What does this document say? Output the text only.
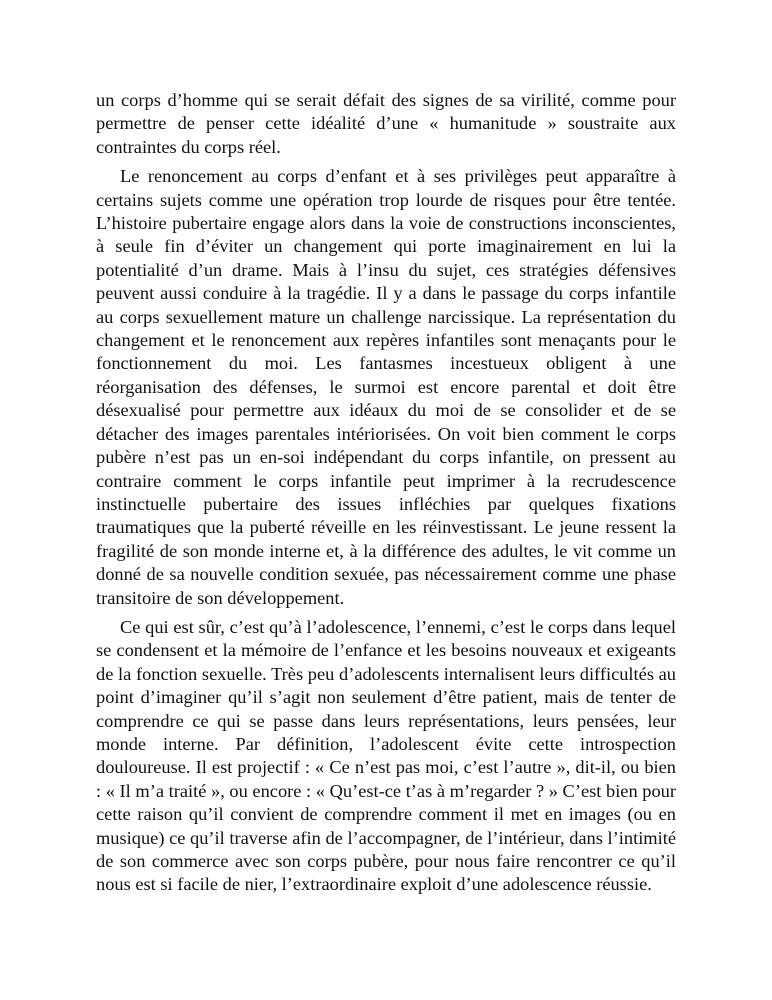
un corps d’homme qui se serait défait des signes de sa virilité, comme pour permettre de penser cette idéalité d’une « humanitude » soustraite aux contraintes du corps réel.

Le renoncement au corps d’enfant et à ses privilèges peut apparaître à certains sujets comme une opération trop lourde de risques pour être tentée. L’histoire pubertaire engage alors dans la voie de constructions inconscientes, à seule fin d’éviter un changement qui porte imaginairement en lui la potentialité d’un drame. Mais à l’insu du sujet, ces stratégies défensives peuvent aussi conduire à la tragédie. Il y a dans le passage du corps infantile au corps sexuellement mature un challenge narcissique. La représentation du changement et le renoncement aux repères infantiles sont menaçants pour le fonctionnement du moi. Les fantasmes incestueux obligent à une réorganisation des défenses, le surmoi est encore parental et doit être désexualisé pour permettre aux idéaux du moi de se consolider et de se détacher des images parentales intériorisées. On voit bien comment le corps pubère n’est pas un en-soi indépendant du corps infantile, on pressent au contraire comment le corps infantile peut imprimer à la recrudescence instinctuelle pubertaire des issues infléchies par quelques fixations traumatiques que la puberté réveille en les réinvestissant. Le jeune ressent la fragilité de son monde interne et, à la différence des adultes, le vit comme un donné de sa nouvelle condition sexuée, pas nécessairement comme une phase transitoire de son développement.

Ce qui est sûr, c’est qu’à l’adolescence, l’ennemi, c’est le corps dans lequel se condensent et la mémoire de l’enfance et les besoins nouveaux et exigeants de la fonction sexuelle. Très peu d’adolescents internalisent leurs difficultés au point d’imaginer qu’il s’agit non seulement d’être patient, mais de tenter de comprendre ce qui se passe dans leurs représentations, leurs pensées, leur monde interne. Par définition, l’adolescent évite cette introspection douloureuse. Il est projectif : « Ce n’est pas moi, c’est l’autre », dit-il, ou bien : « Il m’a traité », ou encore : « Qu’est-ce t’as à m’regarder ? » C’est bien pour cette raison qu’il convient de comprendre comment il met en images (ou en musique) ce qu’il traverse afin de l’accompagner, de l’intérieur, dans l’intimité de son commerce avec son corps pubère, pour nous faire rencontrer ce qu’il nous est si facile de nier, l’extraordinaire exploit d’une adolescence réussie.
